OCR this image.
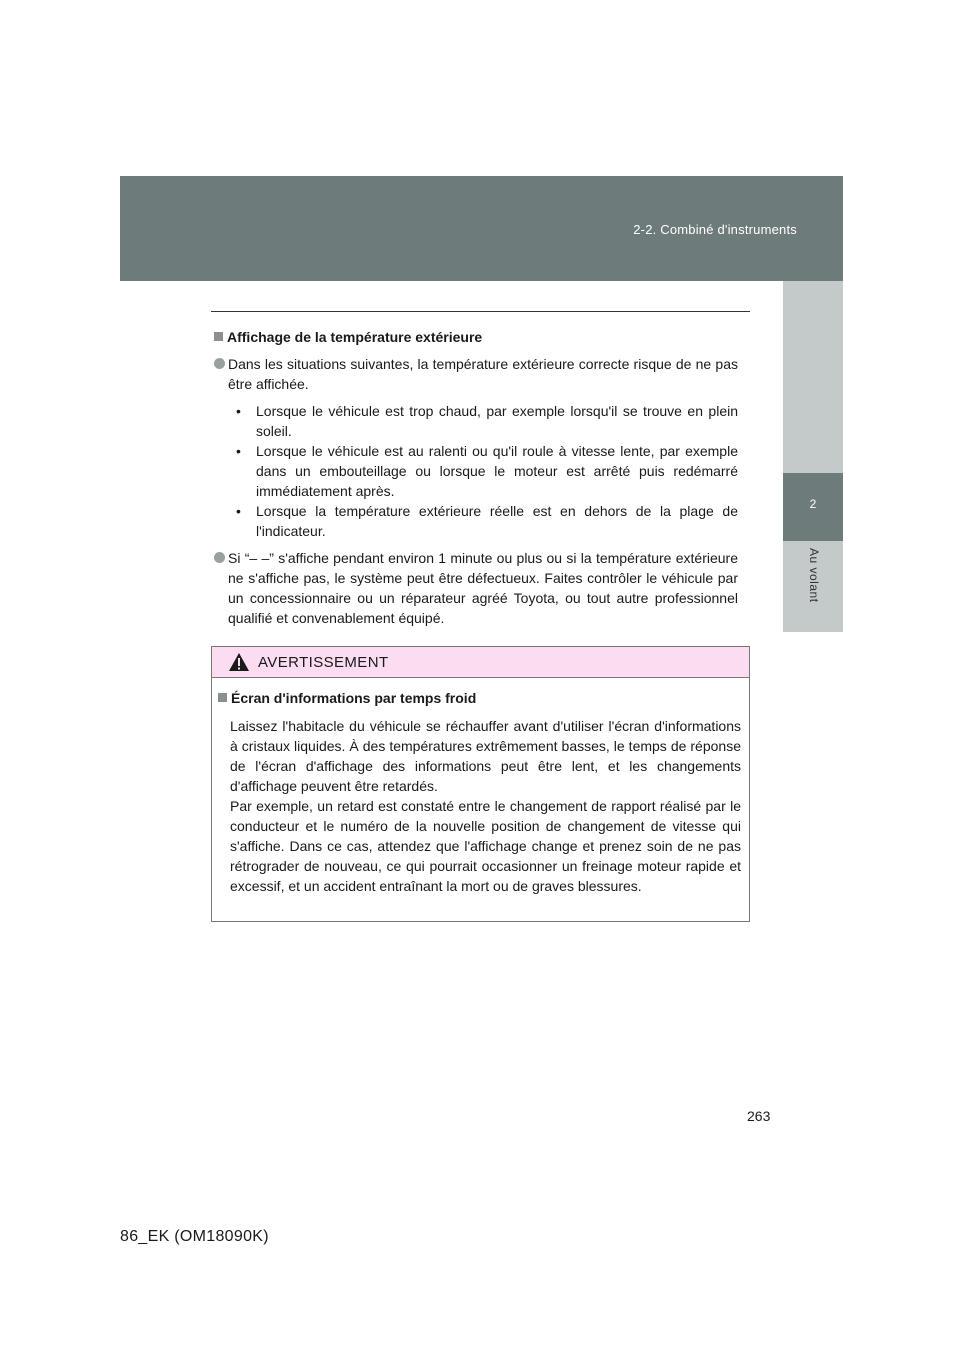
2-2. Combiné d'instruments
2
Au volant
Affichage de la température extérieure
Dans les situations suivantes, la température extérieure correcte risque de ne pas être affichée.
• Lorsque le véhicule est trop chaud, par exemple lorsqu'il se trouve en plein soleil.
• Lorsque le véhicule est au ralenti ou qu'il roule à vitesse lente, par exemple dans un embouteillage ou lorsque le moteur est arrêté puis redémarré immédiatement après.
• Lorsque la température extérieure réelle est en dehors de la plage de l'indicateur.
Si “– –” s'affiche pendant environ 1 minute ou plus ou si la température extérieure ne s'affiche pas, le système peut être défectueux. Faites contrôler le véhicule par un concessionnaire ou un réparateur agréé Toyota, ou tout autre professionnel qualifié et convenablement équipé.
AVERTISSEMENT
Écran d'informations par temps froid
Laissez l'habitacle du véhicule se réchauffer avant d'utiliser l'écran d'informations à cristaux liquides. À des températures extrêmement basses, le temps de réponse de l'écran d'affichage des informations peut être lent, et les changements d'affichage peuvent être retardés.
Par exemple, un retard est constaté entre le changement de rapport réalisé par le conducteur et le numéro de la nouvelle position de changement de vitesse qui s'affiche. Dans ce cas, attendez que l'affichage change et prenez soin de ne pas rétrograder de nouveau, ce qui pourrait occasionner un freinage moteur rapide et excessif, et un accident entraînant la mort ou de graves blessures.
263
86_EK (OM18090K)
